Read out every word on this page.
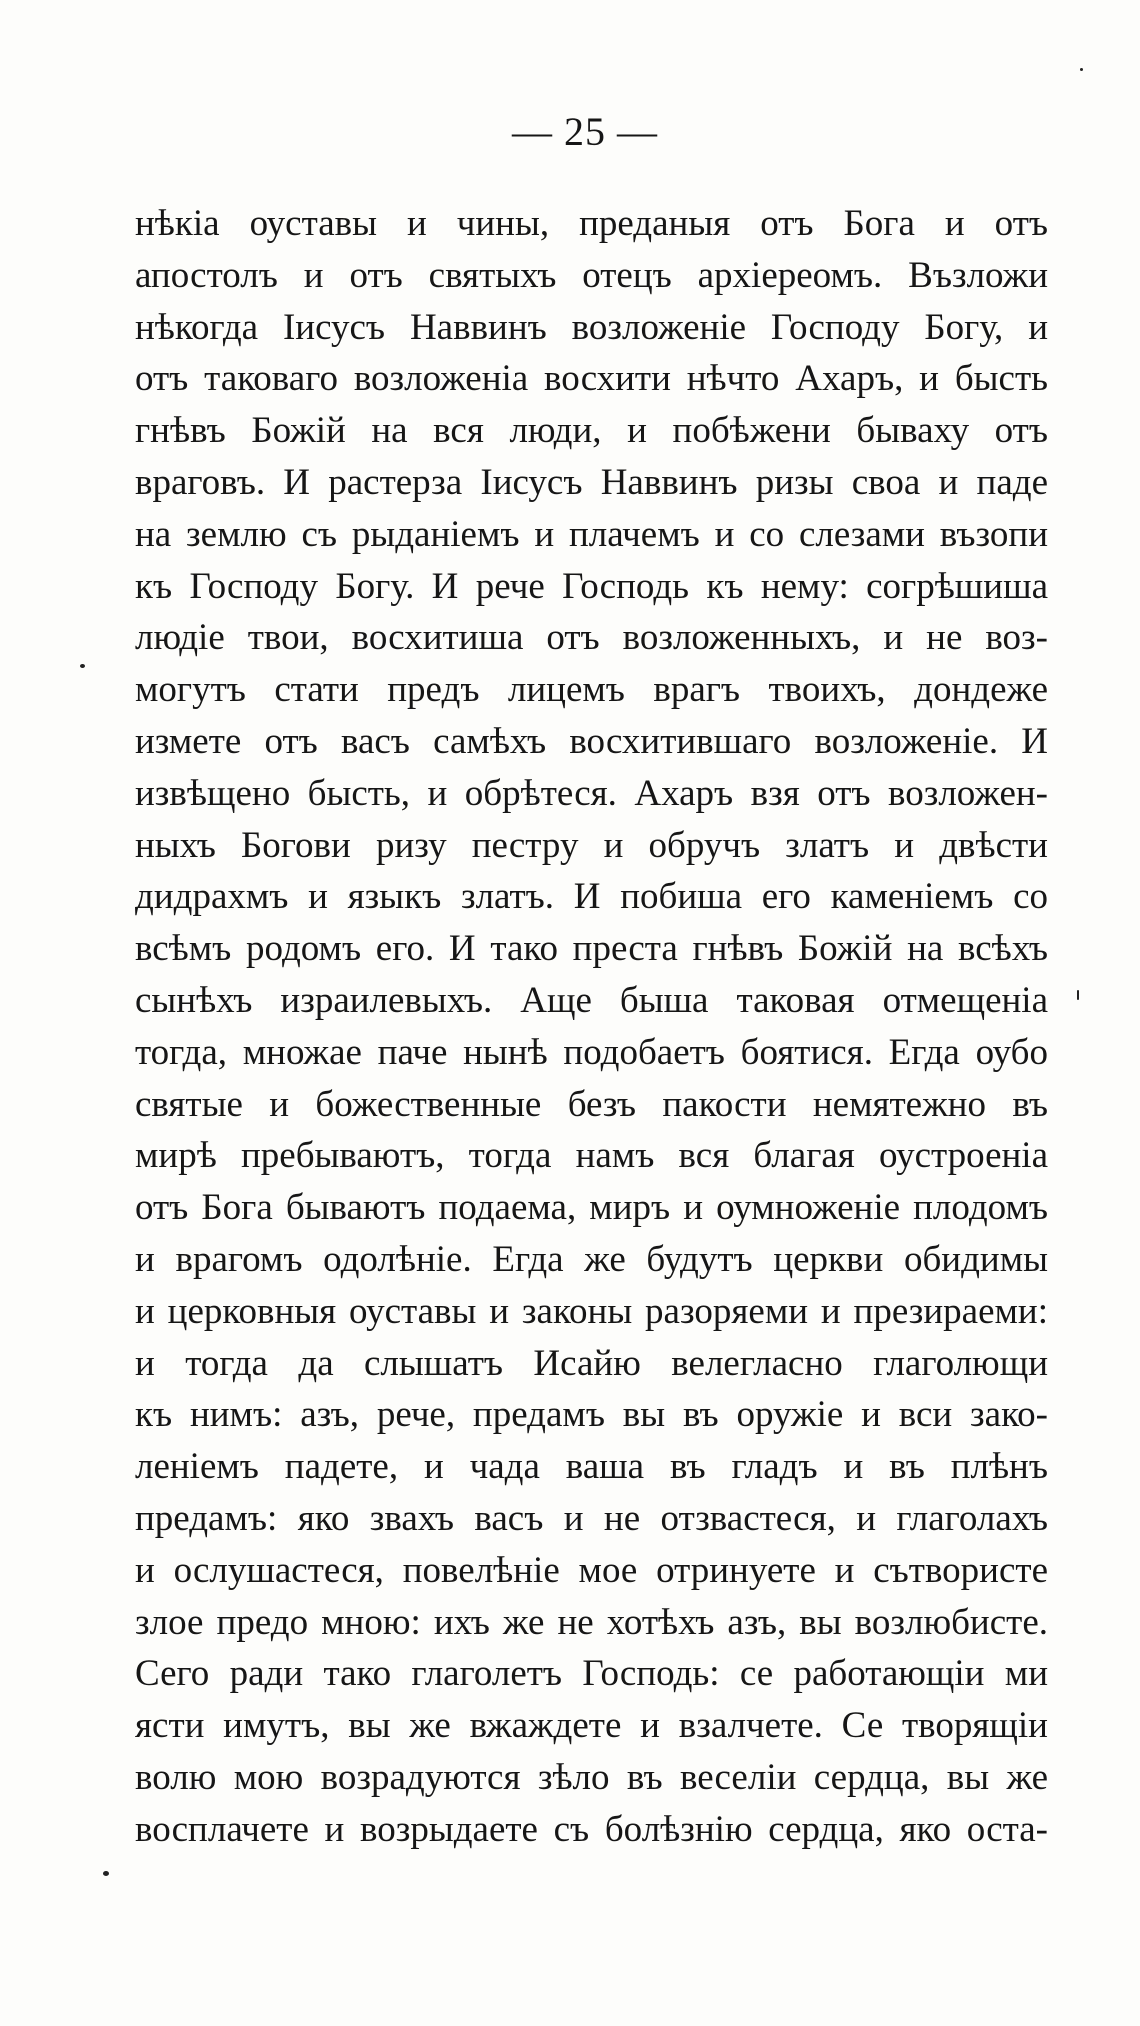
— 25 —
нѣкіа оуставы и чины, преданыя отъ Бога и отъ
апостолъ и отъ святыхъ отецъ архіереомъ. Възложи
нѣкогда Іисусъ Наввинъ возложеніе Господу Богу, и
отъ таковаго возложеніа восхити нѣчто Ахаръ, и бысть
гнѣвъ Божій на вся люди, и побѣжени бываху отъ
враговъ. И растерза Іисусъ Наввинъ ризы своа и паде
на землю съ рыданіемъ и плачемъ и со слезами възопи
къ Господу Богу. И рече Господь къ нему: согрѣшиша
людіе твои, восхитиша отъ возложенныхъ, и не воз-
могутъ стати предъ лицемъ врагъ твоихъ, дондеже
измете отъ васъ самѣхъ восхитившаго возложеніе. И
извѣщено бысть, и обрѣтеся. Ахаръ взя отъ возложен-
ныхъ Богови ризу пестру и обручъ златъ и двѣсти
дидрахмъ и языкъ златъ. И побиша его каменіемъ со
всѣмъ родомъ его. И тако преста гнѣвъ Божій на всѣхъ
сынѣхъ израилевыхъ. Аще быша таковая отмещеніа
тогда, множае паче нынѣ подобаетъ боятися. Егда оубо
святые и божественные безъ пакости немятежно въ
мирѣ пребываютъ, тогда намъ вся благая оустроеніа
отъ Бога бываютъ подаема, миръ и оумноженіе плодомъ
и врагомъ одолѣніе. Егда же будутъ церкви обидимы
и церковныя оуставы и законы разоряеми и презираеми:
и тогда да слышатъ Исайю велегласно глаголющи
къ нимъ: азъ, рече, предамъ вы въ оружіе и вси зако-
леніемъ падете, и чада ваша въ гладъ и въ плѣнъ
предамъ: яко звахъ васъ и не отзвастеся, и глаголахъ
и ослушастеся, повелѣніе мое отринуете и сътвористе
злое предо мною: ихъ же не хотѣхъ азъ, вы возлюбисте.
Сего ради тако глаголетъ Господь: се работающіи ми
ясти имутъ, вы же вжаждете и взалчете. Се творящіи
волю мою возрадуются зѣло въ веселіи сердца, вы же
восплачете и возрыдаете съ болѣзнію сердца, яко оста-
